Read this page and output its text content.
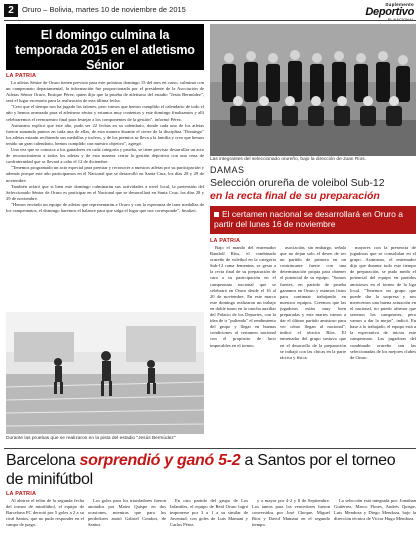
2	Oruro – Bolivia, martes 10 de noviembre de 2015
Suplemento
Deportivo
El domingo culmina la temporada 2015 en el atletismo Sénior
LA PATRIA

La atletas Sénior de Oruro tienen previsto para este próximo domingo 15 del mes en curso, culminar con un campeonato departamental, la información fue proporcionada por el presidente de la Asociación de Atletas Sénior Oruro, Enrique Pérez, quien dijo que la prueba de atletismo del estadio "Jesús Bermúdez", será el lugar escenario para la realización de esta última fecha.

"Creo que el tiempo nos ha jugado los talones, pero vamos que hemos cumplido el calendario de todo el año y hemos avanzado para el atletismo sénior y estamos muy contentos y este domingo finalizamos y allí celebraremos el reencuentro final para festejar a los componentes de la gestión", informó Pérez.

Asimismo explicó que este año, pudo ser 22 fechas en su calendario, donde cada uno de los atletas fueron sumando puntos en cada una de ellas, de esta manera durante el cierre de la disciplina "Domingo" los atletas estarán recibiendo sus medallas y trofeos, y de los premios se lleva a la familia y creo que hemos tenido un gran calendario, hemos cumplido con nuestro objetivo", agregó.

Una vez que se conozca a los ganadores en cada categoría y prueba, se tiene previsto desarrollar un acto de reconocimiento a todos los atletas y de esta manera cerrar la gestión deportiva con una cena de confraternidad que se llevará a cabo el 12 de diciembre.

"Tenemos programado un acto especial para premiar y reconocer a nuestros atletas por su participación y además porque este año participamos en el Nacional que se desarrolló en Santa Cruz, los días 28 y 29 de noviembre.

También aclaró que si bien este domingo culminarán sus actividades a nivel local, la pretensión del Seleccionado Sénior de Oruro es participar en el Nacional que se desarrollará en Santa Cruz, los días 28 y 29 de noviembre.

"Hemos enviado un equipo de atletas que representarán a Oruro y con la esperanza de traer medallas de los campeonatos, el domingo haremos el balance para que salga el lugar que nos corresponde", finalizó.

Durante las pruebas que se realizaron en la pista del estadio "Jesús Bermúdez"
Las integrantes del seleccionado orureño, bajo la dirección de Juan Ríos.
DAMAS
Selección orureña de voleibol Sub-12
en la recta final de su preparación
El certamen nacional se desarrollará en Oruro a partir del lunes 16 de noviembre
LA PATRIA

Bajo el mando del entrenador Randolf Ríos, el combinado orureño de voleibol en la categoría Sub-12 rama femenina, se gesta a la recta final de su preparación de cara a su participación en el campeonato nacional que se celebrará en Oruro desde el 16 al 20 de noviembre. En este marco este domingo realizaron un trabajo en doble turno en la cancha auxiliar del Palacio de los Deportes, con la idea de ir "puliendo" el rendimiento del grupo y llegar en buenas condiciones al certamen nacional con el propósito de lucir impecables en el torneo.

asociación, sin embargo, señala que no dejan solo el deseo de ser un partido de primera en un contrincante fuerte con una determinación propia para obtener el potencial de su equipo. "Somos fuertes, en partido de prueba ganamos en Oruro y estamos listos para continuar trabajando en nuestros equipos. Creemos que las jugadoras están muy bien preparadas y este martes vamos a dar el último partido amistoso para ver cómo llegan al nacional", indicó el técnico Ríos. El entrenador del grupo sostuvo que en el desarrollo de la preparación se trabajó con las chicas en la parte táctica y física.

mayores con la presencia de jugadoras que se consolidan en el grupo. Asimismo, el entrenador dijo que durante todo este tiempo de preparación, se pudo medir el potencial del equipo en partidos amistosos en el torneo de la liga local. "Tenemos un grupo que puede dar la sorpresa y nos merecemos una buena actuación en el nacional, no puedo afirmar que seremos los campeones, pero vamos a dar lo mejor", indicó. En base a lo trabajado, el equipo está a la expectativa de iniciar este campeonato. Las jugadoras del combinado orureño son las seleccionadas de los mejores clubes de Oruro.

Barcelona sorprendió y ganó 5-2 a Santos por el torneo de minifútbol
LA PATRIA

Al abrirse el telón de la segunda fecha del torneo de minifútbol, el equipo de Barcelona FC derrotó por 5 goles a 2 a su rival Santos, que no pudo responder en el campo de juego.

Los goles para los triunfadores fueron anotados por Mateo Quispe en dos ocasiones, mientras que para los perdedores anotó Gabriel Condori, de Santos.

En otro partido del grupo de Los Infantiles, el equipo de Real Oruro logró imponerse por 3 a 1 a su similar de Juventud, con goles de Luis Mamani y Carlos Pérez.

y a mayor por 4-2 y 8 de Septiembre. Los tantos para los vencedores fueron convertidos por José Choque, Miguel Ríos y David Mamani en el segundo tiempo.

La selección está integrada por: Jonathan Gutiérrez, Marco Flores, Andrés Quispe, Luis Mendoza y Diego Mendoza, bajo la dirección técnica de Víctor Hugo Mendoza.
